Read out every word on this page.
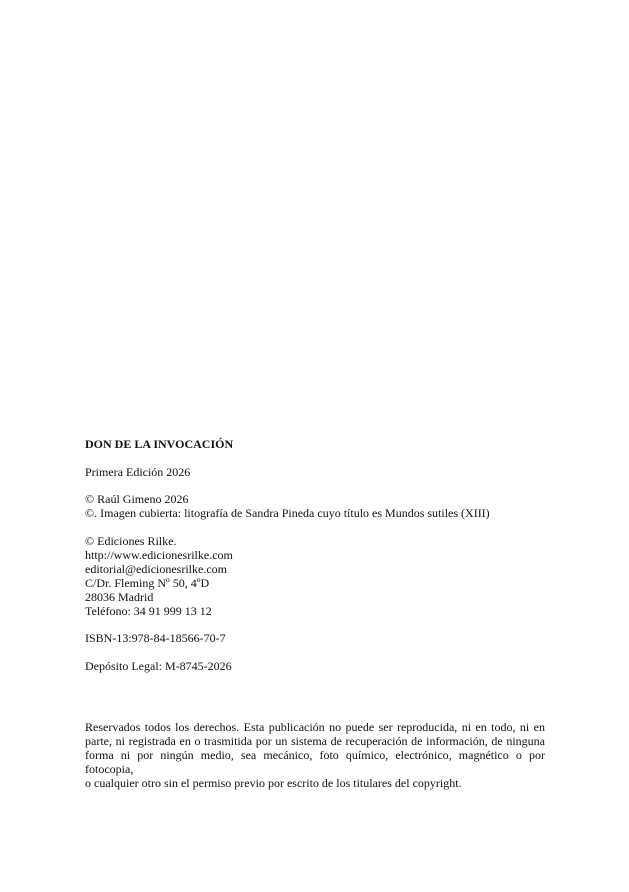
DON DE LA INVOCACIÓN
Primera Edición 2026
© Raúl Gimeno 2026
©. Imagen cubierta: litografía de Sandra Pineda cuyo título es Mundos sutiles (XIII)
© Ediciones Rilke.
http://www.edicionesrilke.com
editorial@edicionesrilke.com
C/Dr. Fleming Nº 50, 4ºD
28036 Madrid
Teléfono: 34 91 999 13 12
ISBN-13:978-84-18566-70-7
Depósito Legal: M-8745-2026
Reservados todos los derechos. Esta publicación no puede ser reproducida, ni en todo, ni en
parte, ni registrada en o trasmitida por un sistema de recuperación de información, de ninguna
forma ni por ningún medio, sea mecánico, foto químico, electrónico, magnético o por fotocopia,
o cualquier otro sin el permiso previo por escrito de los titulares del copyright.
